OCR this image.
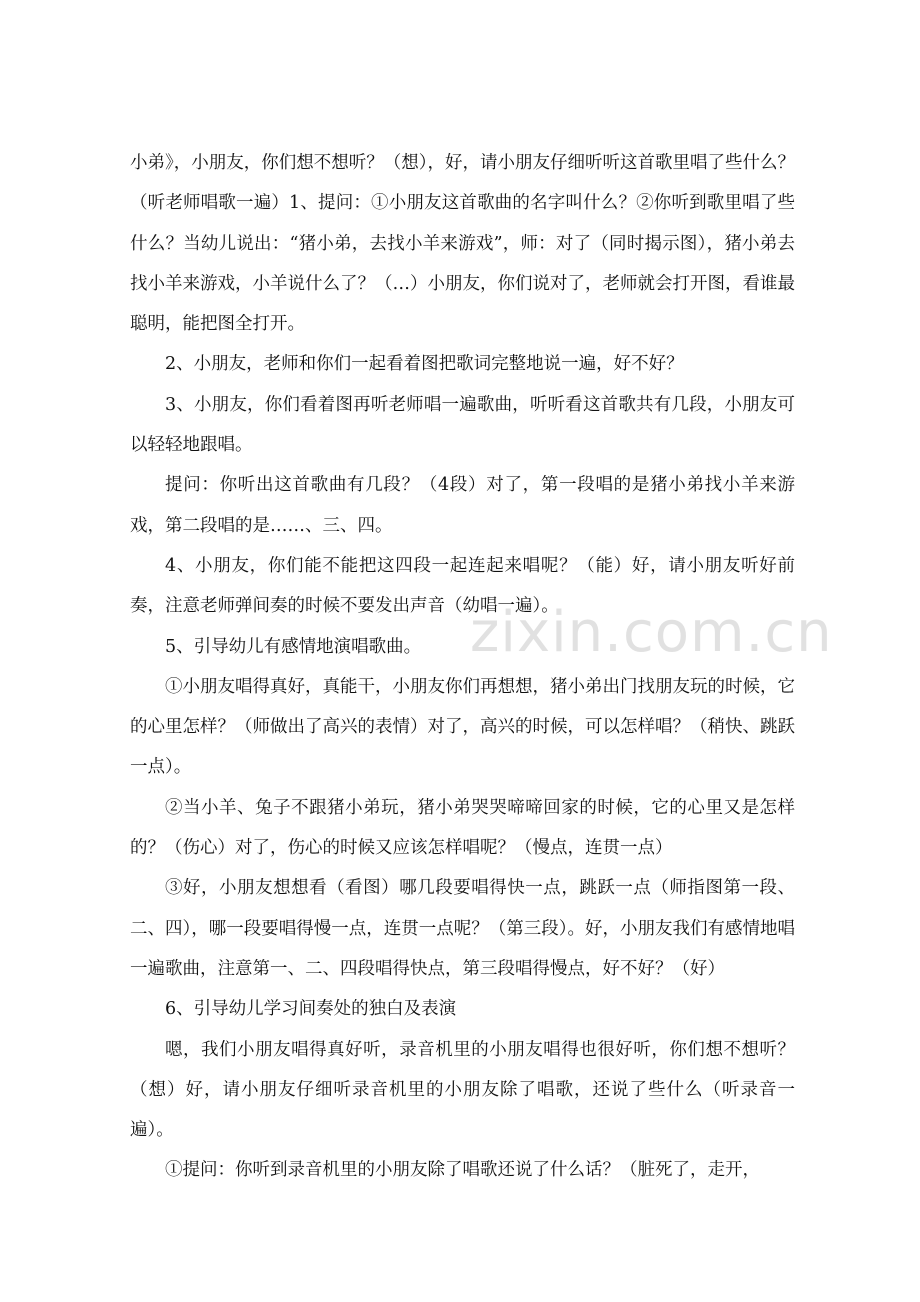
zixin.com.cn

小弟》，小朋友，你们想不想听？（想），好，请小朋友仔细听听这首歌里唱了些什么？（听老师唱歌一遍）1、提问：①小朋友这首歌曲的名字叫什么？②你听到歌里唱了些什么？当幼儿说出：“猪小弟，去找小羊来游戏”，师：对了（同时揭示图），猪小弟去找小羊来游戏，小羊说什么了？（…）小朋友，你们说对了，老师就会打开图，看谁最聪明，能把图全打开。

2、小朋友，老师和你们一起看着图把歌词完整地说一遍，好不好？

3、小朋友，你们看着图再听老师唱一遍歌曲，听听看这首歌共有几段，小朋友可以轻轻地跟唱。

提问：你听出这首歌曲有几段？（4段）对了，第一段唱的是猪小弟找小羊来游戏，第二段唱的是……、三、四。

4、小朋友，你们能不能把这四段一起连起来唱呢？（能）好，请小朋友听好前奏，注意老师弹间奏的时候不要发出声音（幼唱一遍）。

5、引导幼儿有感情地演唱歌曲。

①小朋友唱得真好，真能干，小朋友你们再想想，猪小弟出门找朋友玩的时候，它的心里怎样？（师做出了高兴的表情）对了，高兴的时候，可以怎样唱？（稍快、跳跃一点）。

②当小羊、兔子不跟猪小弟玩，猪小弟哭哭啼啼回家的时候，它的心里又是怎样的？（伤心）对了，伤心的时候又应该怎样唱呢？（慢点，连贯一点）

③好，小朋友想想看（看图）哪几段要唱得快一点，跳跃一点（师指图第一段、二、四），哪一段要唱得慢一点，连贯一点呢？（第三段）。好，小朋友我们有感情地唱一遍歌曲，注意第一、二、四段唱得快点，第三段唱得慢点，好不好？（好）

6、引导幼儿学习间奏处的独白及表演

嗯，我们小朋友唱得真好听，录音机里的小朋友唱得也很好听，你们想不想听？（想）好，请小朋友仔细听录音机里的小朋友除了唱歌，还说了些什么（听录音一遍）。

①提问：你听到录音机里的小朋友除了唱歌还说了什么话？（脏死了，走开，
